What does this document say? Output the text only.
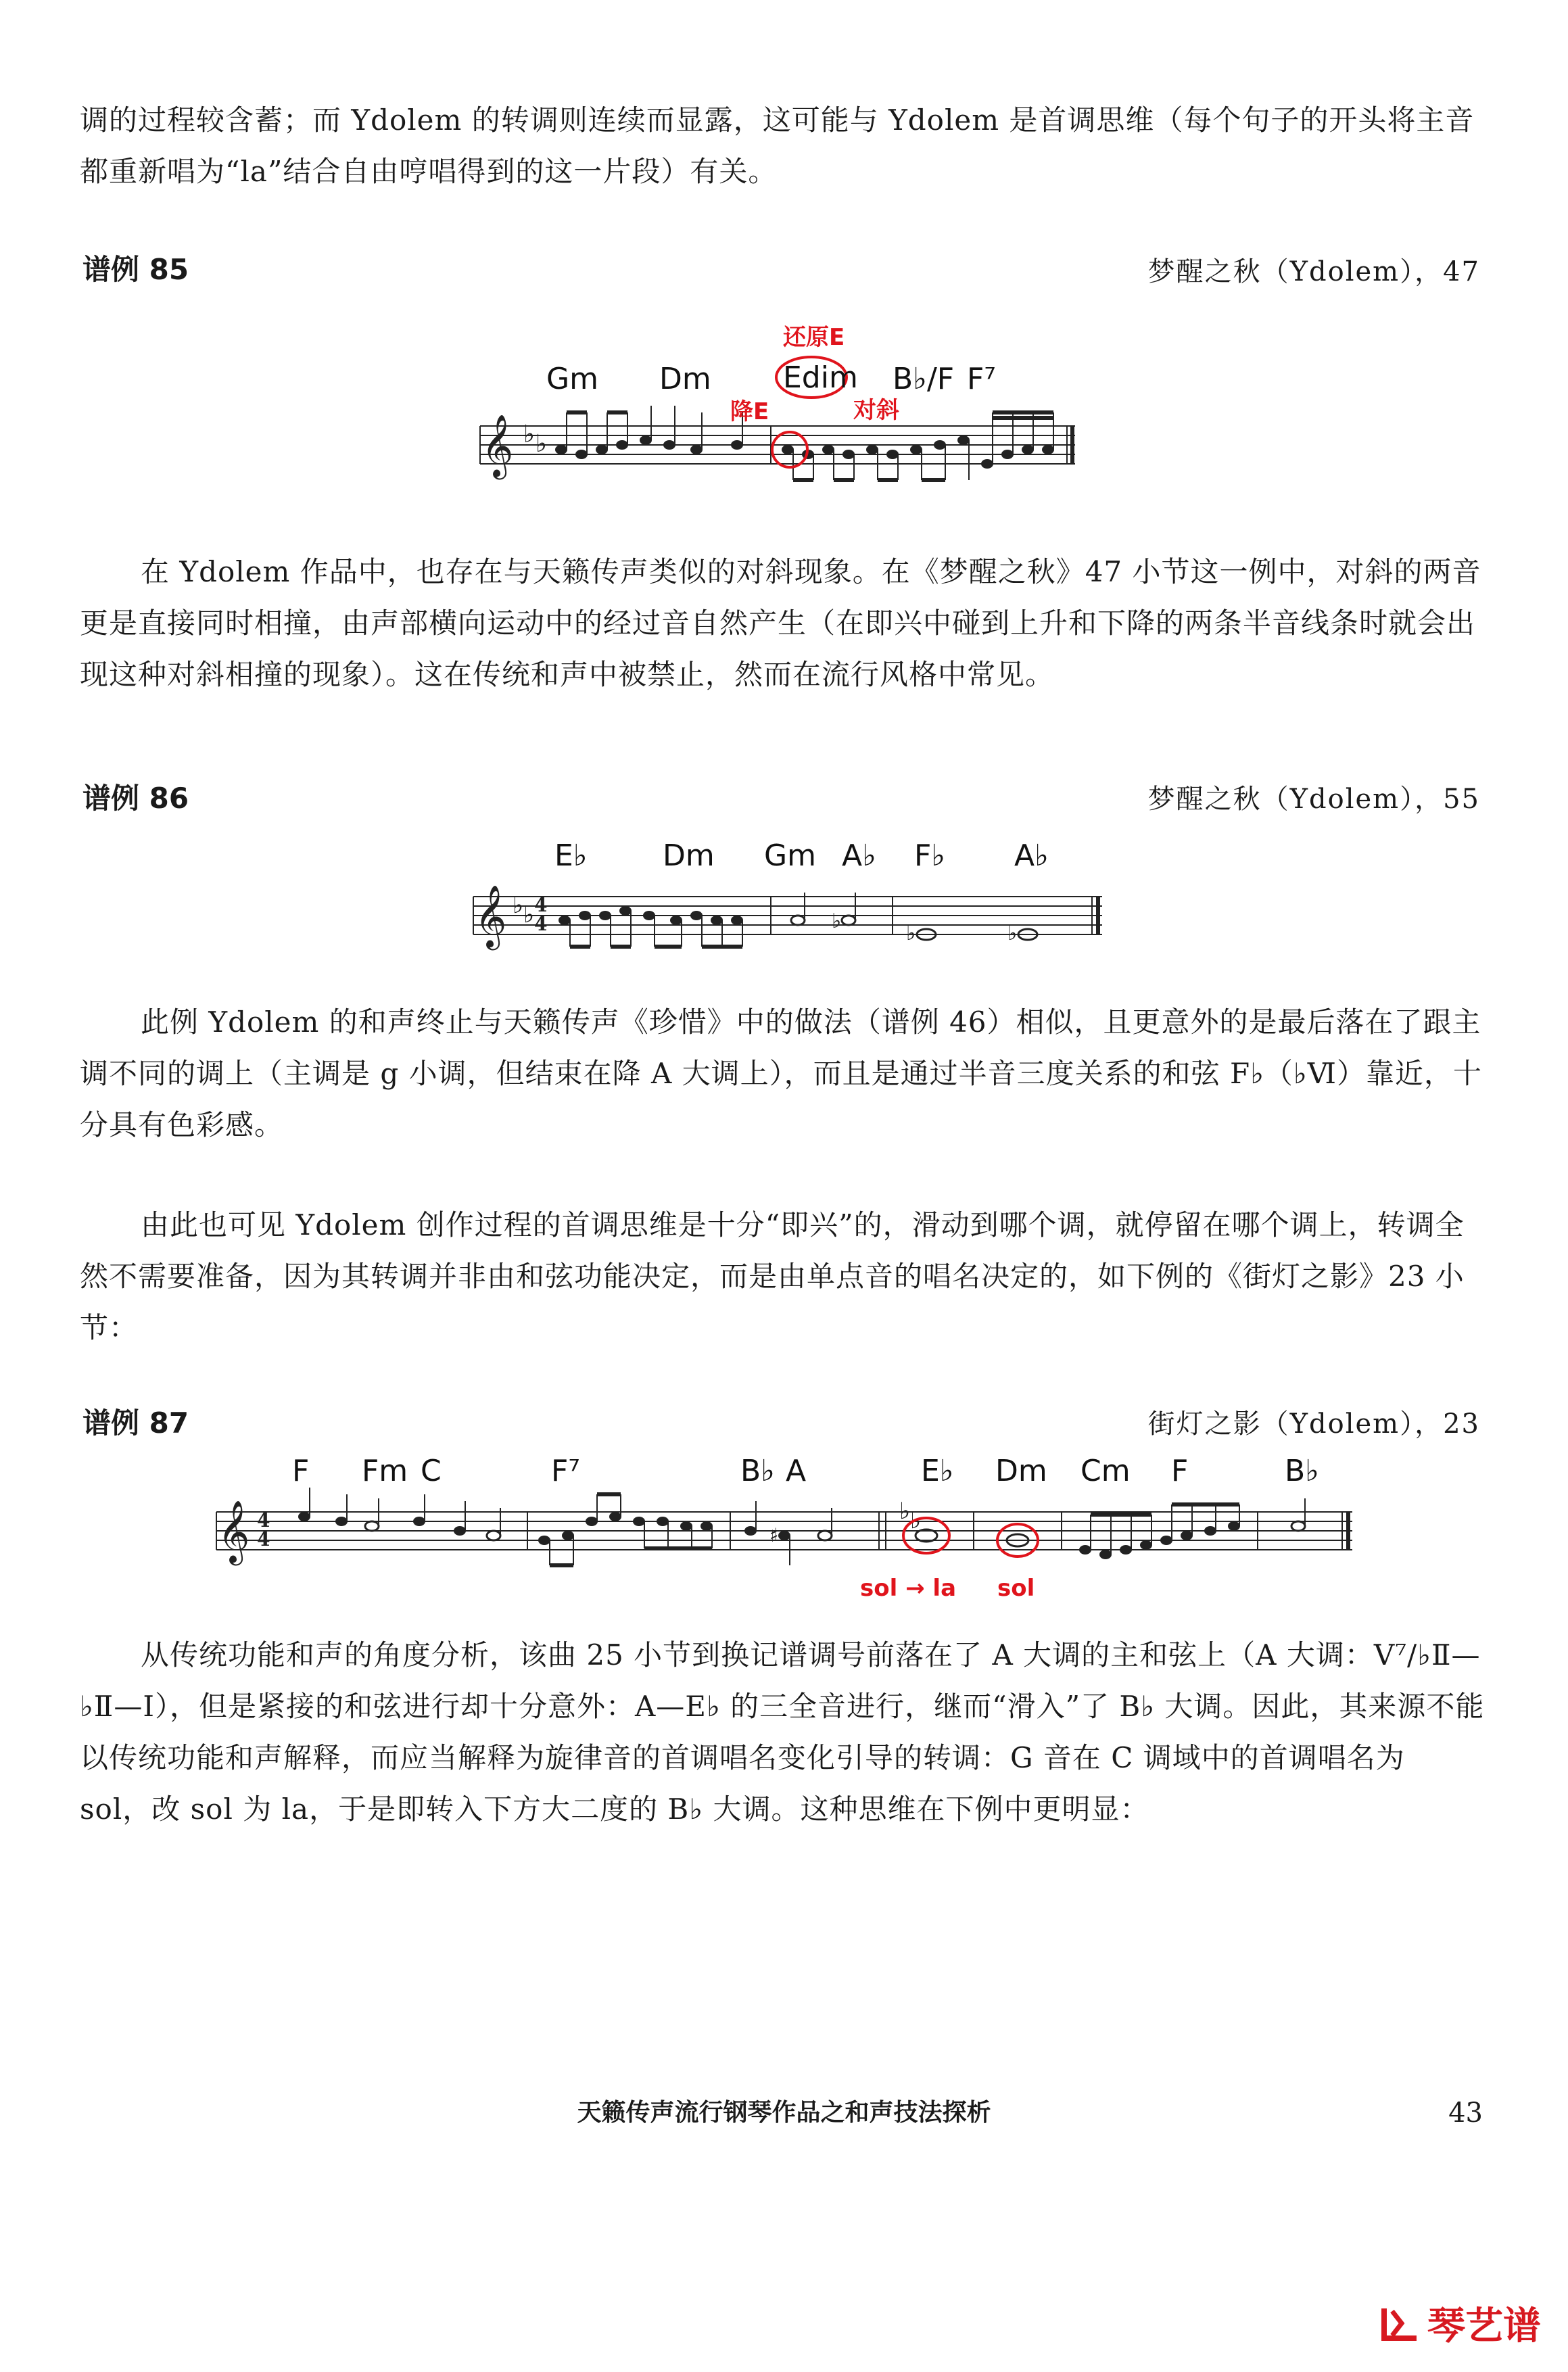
调的过程较含蓄；而 Ydolem 的转调则连续而显露，这可能与 Ydolem 是首调思维（每个句子的开头将主音都重新唱为“la”结合自由哼唱得到的这一片段）有关。
谱例 85	梦醒之秋（Ydolem），47
𝄞 ♭ ♭
Gm Dm Edim B♭/F F⁷
还原E
降E	对斜
在 Ydolem 作品中，也存在与天籁传声类似的对斜现象。在《梦醒之秋》47 小节这一例中，对斜的两音更是直接同时相撞，由声部横向运动中的经过音自然产生（在即兴中碰到上升和下降的两条半音线条时就会出现这种对斜相撞的现象）。这在传统和声中被禁止，然而在流行风格中常见。
谱例 86	梦醒之秋（Ydolem），55
𝄞 ♭ ♭ 4
4	♭
♭	♭
E♭	Dm Gm A♭ F♭ A♭
此例 Ydolem 的和声终止与天籁传声《珍惜》中的做法（谱例 46）相似，且更意外的是最后落在了跟主调不同的调上（主调是 g 小调，但结束在降 A 大调上），而且是通过半音三度关系的和弦 F♭（♭Ⅵ）靠近，十分具有色彩感。
由此也可见 Ydolem 创作过程的首调思维是十分“即兴”的，滑动到哪个调，就停留在哪个调上，转调全然不需要准备，因为其转调并非由和弦功能决定，而是由单点音的唱名决定的，如下例的《街灯之影》23 小节：
谱例 87	街灯之影（Ydolem），23
𝄞 4
4
♭ ♭
♯
F Fm C	F⁷	B♭ A	E♭ Dm Cm F	B♭
sol → la sol
从传统功能和声的角度分析，该曲 25 小节到换记谱调号前落在了 A 大调的主和弦上（A 大调：V⁷/♭Ⅱ—♭Ⅱ—Ⅰ），但是紧接的和弦进行却十分意外：A—E♭ 的三全音进行，继而“滑入”了 B♭ 大调。因此，其来源不能以传统功能和声解释，而应当解释为旋律音的首调唱名变化引导的转调：G 音在 C 调域中的首调唱名为 sol，改 sol 为 la，于是即转入下方大二度的 B♭ 大调。这种思维在下例中更明显：
天籁传声流行钢琴作品之和声技法探析	43
琴艺谱
